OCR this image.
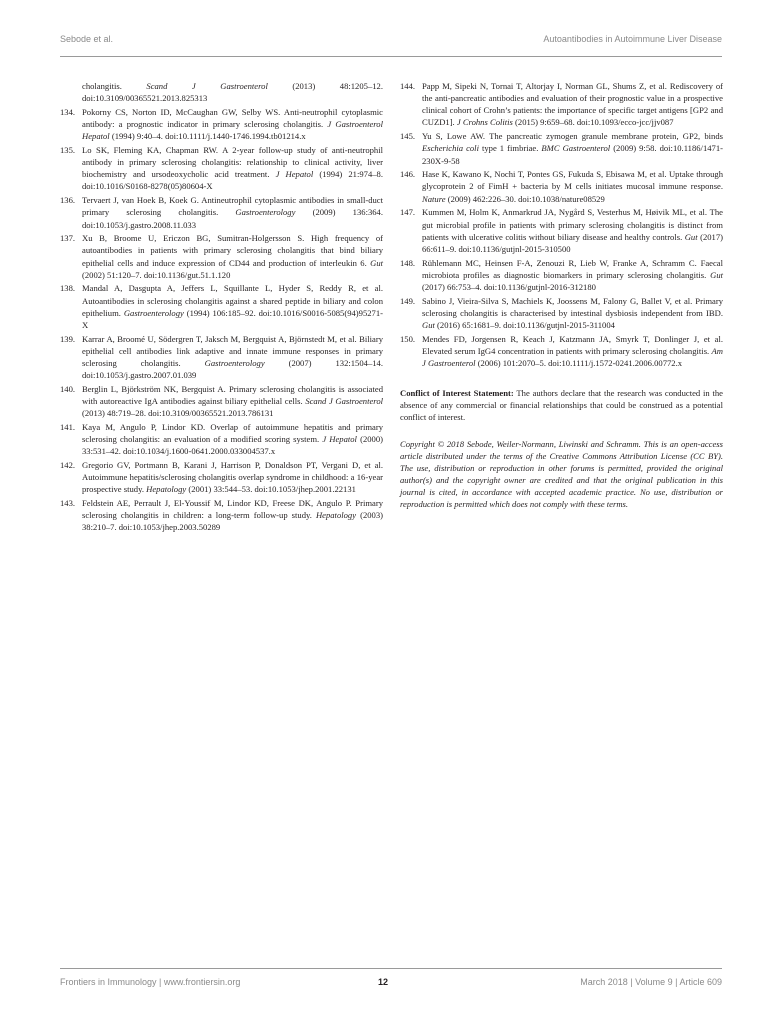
Sebode et al.	Autoantibodies in Autoimmune Liver Disease
cholangitis. Scand J Gastroenterol (2013) 48:1205–12. doi:10.3109/00365521.2013.825313
134. Pokorny CS, Norton ID, McCaughan GW, Selby WS. Anti-neutrophil cytoplasmic antibody: a prognostic indicator in primary sclerosing cholangitis. J Gastroenterol Hepatol (1994) 9:40–4. doi:10.1111/j.1440-1746.1994.tb01214.x
135. Lo SK, Fleming KA, Chapman RW. A 2-year follow-up study of anti-neutrophil antibody in primary sclerosing cholangitis: relationship to clinical activity, liver biochemistry and ursodeoxycholic acid treatment. J Hepatol (1994) 21:974–8. doi:10.1016/S0168-8278(05)80604-X
136. Tervaert J, van Hoek B, Koek G. Antineutrophil cytoplasmic antibodies in small-duct primary sclerosing cholangitis. Gastroenterology (2009) 136:364. doi:10.1053/j.gastro.2008.11.033
137. Xu B, Broome U, Ericzon BG, Sumitran-Holgersson S. High frequency of autoantibodies in patients with primary sclerosing cholangitis that bind biliary epithelial cells and induce expression of CD44 and production of interleukin 6. Gut (2002) 51:120–7. doi:10.1136/gut.51.1.120
138. Mandal A, Dasgupta A, Jeffers L, Squillante L, Hyder S, Reddy R, et al. Autoantibodies in sclerosing cholangitis against a shared peptide in biliary and colon epithelium. Gastroenterology (1994) 106:185–92. doi:10.1016/S0016-5085(94)95271-X
139. Karrar A, Broomé U, Södergren T, Jaksch M, Bergquist A, Björnstedt M, et al. Biliary epithelial cell antibodies link adaptive and innate immune responses in primary sclerosing cholangitis. Gastroenterology (2007) 132:1504–14. doi:10.1053/j.gastro.2007.01.039
140. Berglin L, Björkström NK, Bergquist A. Primary sclerosing cholangitis is associated with autoreactive IgA antibodies against biliary epithelial cells. Scand J Gastroenterol (2013) 48:719–28. doi:10.3109/00365521.2013.786131
141. Kaya M, Angulo P, Lindor KD. Overlap of autoimmune hepatitis and primary sclerosing cholangitis: an evaluation of a modified scoring system. J Hepatol (2000) 33:531–42. doi:10.1034/j.1600-0641.2000.033004537.x
142. Gregorio GV, Portmann B, Karani J, Harrison P, Donaldson PT, Vergani D, et al. Autoimmune hepatitis/sclerosing cholangitis overlap syndrome in childhood: a 16-year prospective study. Hepatology (2001) 33:544–53. doi:10.1053/jhep.2001.22131
143. Feldstein AE, Perrault J, El-Youssif M, Lindor KD, Freese DK, Angulo P. Primary sclerosing cholangitis in children: a long-term follow-up study. Hepatology (2003) 38:210–7. doi:10.1053/jhep.2003.50289
144. Papp M, Sipeki N, Tornai T, Altorjay I, Norman GL, Shums Z, et al. Rediscovery of the anti-pancreatic antibodies and evaluation of their prognostic value in a prospective clinical cohort of Crohn’s patients: the importance of specific target antigens [GP2 and CUZD1]. J Crohns Colitis (2015) 9:659–68. doi:10.1093/ecco-jcc/jjv087
145. Yu S, Lowe AW. The pancreatic zymogen granule membrane protein, GP2, binds Escherichia coli type 1 fimbriae. BMC Gastroenterol (2009) 9:58. doi:10.1186/1471-230X-9-58
146. Hase K, Kawano K, Nochi T, Pontes GS, Fukuda S, Ebisawa M, et al. Uptake through glycoprotein 2 of FimH + bacteria by M cells initiates mucosal immune response. Nature (2009) 462:226–30. doi:10.1038/nature08529
147. Kummen M, Holm K, Anmarkrud JA, Nygård S, Vesterhus M, Høivik ML, et al. The gut microbial profile in patients with primary sclerosing cholangitis is distinct from patients with ulcerative colitis without biliary disease and healthy controls. Gut (2017) 66:611–9. doi:10.1136/gutjnl-2015-310500
148. Rühlemann MC, Heinsen F-A, Zenouzi R, Lieb W, Franke A, Schramm C. Faecal microbiota profiles as diagnostic biomarkers in primary sclerosing cholangitis. Gut (2017) 66:753–4. doi:10.1136/gutjnl-2016-312180
149. Sabino J, Vieira-Silva S, Machiels K, Joossens M, Falony G, Ballet V, et al. Primary sclerosing cholangitis is characterised by intestinal dysbiosis independent from IBD. Gut (2016) 65:1681–9. doi:10.1136/gutjnl-2015-311004
150. Mendes FD, Jorgensen R, Keach J, Katzmann JA, Smyrk T, Donlinger J, et al. Elevated serum IgG4 concentration in patients with primary sclerosing cholangitis. Am J Gastroenterol (2006) 101:2070–5. doi:10.1111/j.1572-0241.2006.00772.x
Conflict of Interest Statement: The authors declare that the research was conducted in the absence of any commercial or financial relationships that could be construed as a potential conflict of interest.
Copyright © 2018 Sebode, Weiler-Normann, Liwinski and Schramm. This is an open-access article distributed under the terms of the Creative Commons Attribution License (CC BY). The use, distribution or reproduction in other forums is permitted, provided the original author(s) and the copyright owner are credited and that the original publication in this journal is cited, in accordance with accepted academic practice. No use, distribution or reproduction is permitted which does not comply with these terms.
Frontiers in Immunology | www.frontiersin.org	12	March 2018 | Volume 9 | Article 609
